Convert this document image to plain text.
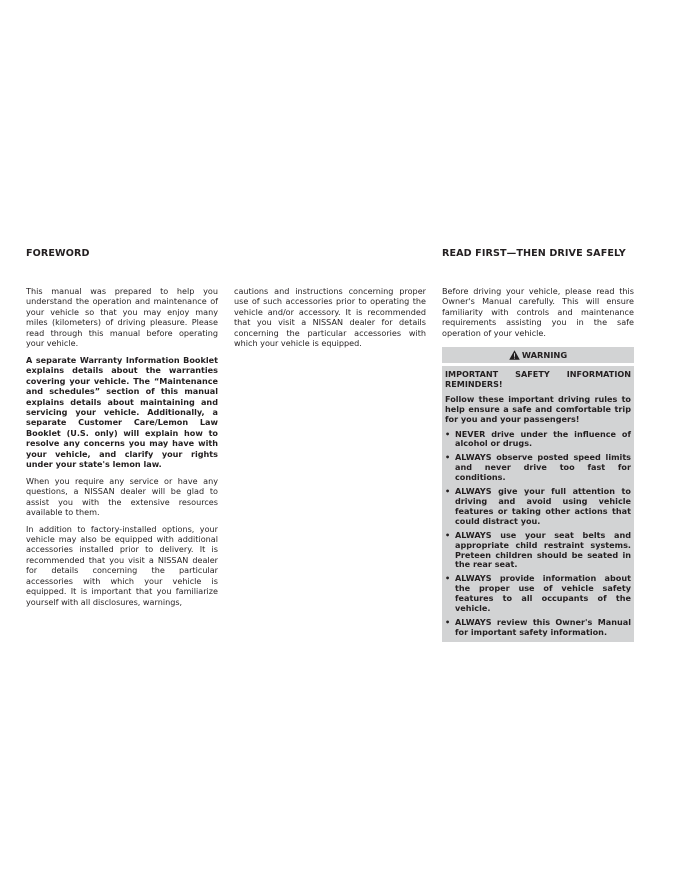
FOREWORD	READ FIRST—THEN DRIVE SAFELY

This manual was prepared to help you understand the operation and maintenance of your vehicle so that you may enjoy many miles (kilometers) of driving pleasure. Please read through this manual before operating your vehicle.

A separate Warranty Information Booklet explains details about the warranties covering your vehicle. The “Maintenance and schedules” section of this manual explains details about maintaining and servicing your vehicle. Additionally, a separate Customer Care/Lemon Law Booklet (U.S. only) will explain how to resolve any concerns you may have with your vehicle, and clarify your rights under your state's lemon law.

When you require any service or have any questions, a NISSAN dealer will be glad to assist you with the extensive resources available to them.

In addition to factory-installed options, your vehicle may also be equipped with additional accessories installed prior to delivery. It is recommended that you visit a NISSAN dealer for details concerning the particular accessories with which your vehicle is equipped. It is important that you familiarize yourself with all disclosures, warnings,

cautions and instructions concerning proper use of such accessories prior to operating the vehicle and/or accessory. It is recommended that you visit a NISSAN dealer for details concerning the particular accessories with which your vehicle is equipped.

Before driving your vehicle, please read this Owner's Manual carefully. This will ensure familiarity with controls and maintenance requirements assisting you in the safe operation of your vehicle.

WARNING

IMPORTANT SAFETY INFORMATION REMINDERS!

Follow these important driving rules to help ensure a safe and comfortable trip for you and your passengers!

• NEVER drive under the influence of alcohol or drugs.
• ALWAYS observe posted speed limits and never drive too fast for conditions.
• ALWAYS give your full attention to driving and avoid using vehicle features or taking other actions that could distract you.
• ALWAYS use your seat belts and appropriate child restraint systems. Preteen children should be seated in the rear seat.
• ALWAYS provide information about the proper use of vehicle safety features to all occupants of the vehicle.
• ALWAYS review this Owner's Manual for important safety information.
